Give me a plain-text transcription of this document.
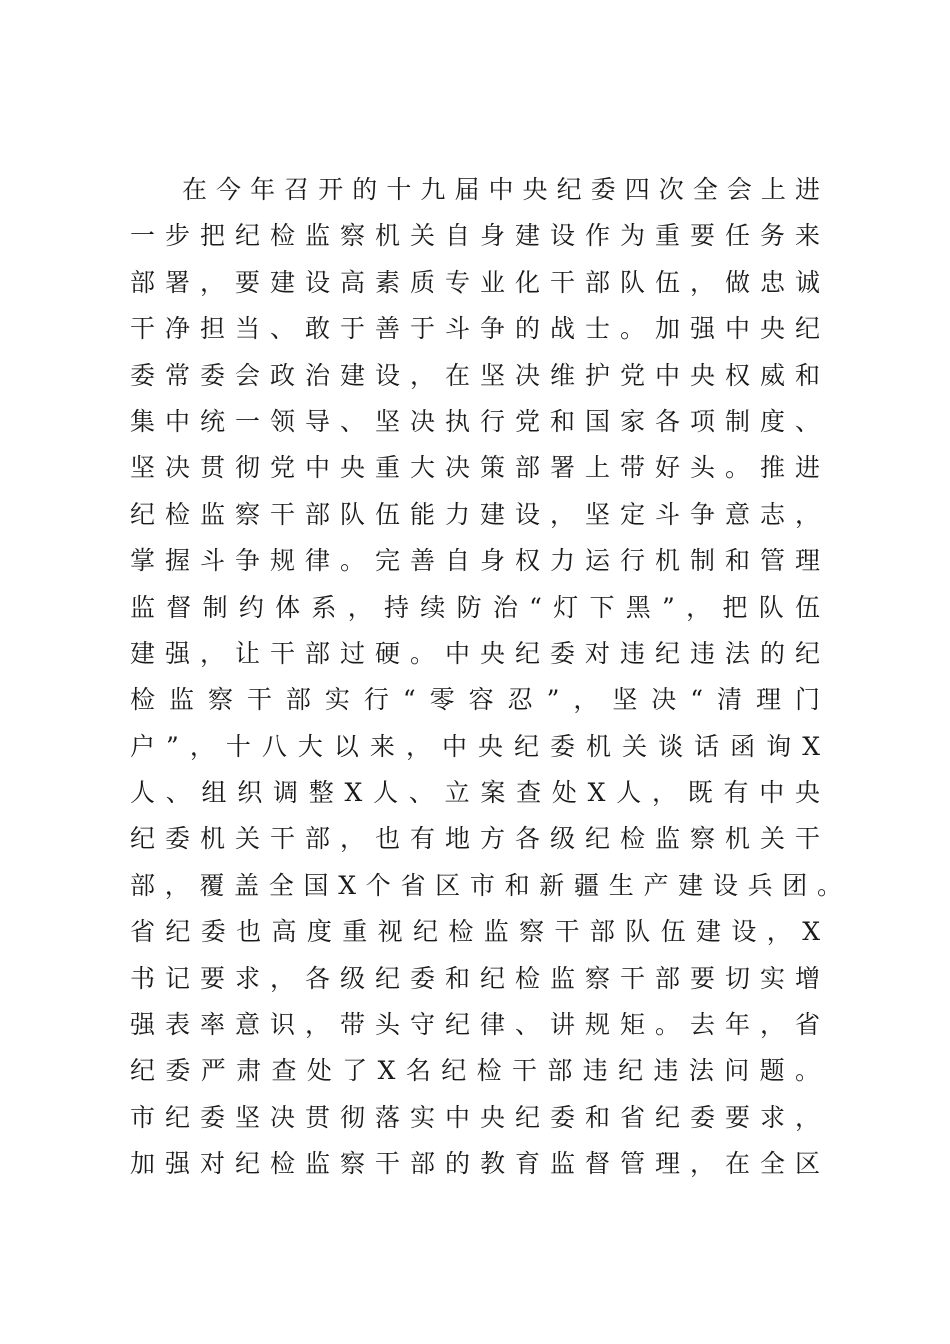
在今年召开的十九届中央纪委四次全会上进
一步把纪检监察机关自身建设作为重要任务来
部署，要建设高素质专业化干部队伍，做忠诚
干净担当、敢于善于斗争的战士。加强中央纪
委常委会政治建设，在坚决维护党中央权威和
集中统一领导、坚决执行党和国家各项制度、
坚决贯彻党中央重大决策部署上带好头。推进
纪检监察干部队伍能力建设，坚定斗争意志，
掌握斗争规律。完善自身权力运行机制和管理
监督制约体系，持续防治“灯下黑”，把队伍
建强，让干部过硬。中央纪委对违纪违法的纪
检监察干部实行“零容忍”，坚决“清理门
户”，十八大以来，中央纪委机关谈话函询X
人、组织调整X人、立案查处X人，既有中央
纪委机关干部，也有地方各级纪检监察机关干
部，覆盖全国X个省区市和新疆生产建设兵团。
省纪委也高度重视纪检监察干部队伍建设，X
书记要求，各级纪委和纪检监察干部要切实增
强表率意识，带头守纪律、讲规矩。去年，省
纪委严肃查处了X名纪检干部违纪违法问题。
市纪委坚决贯彻落实中央纪委和省纪委要求，
加强对纪检监察干部的教育监督管理，在全区
